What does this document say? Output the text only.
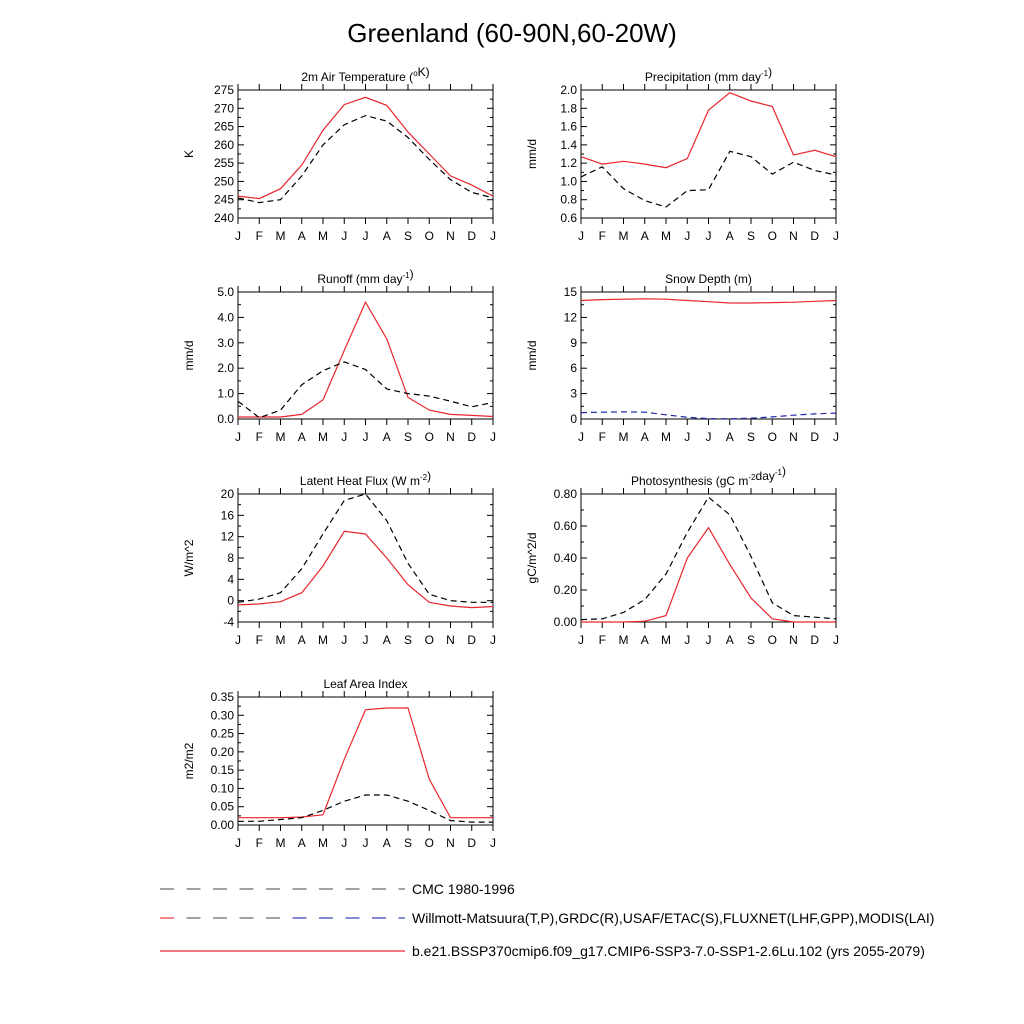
Greenland (60-90N,60-20W)
2m Air Temperature ($^o$K)
K
240
245
250
255
260
265
270
275
J F M A M J J A S O N D J
Precipitation (mm day$^{-1}$)
mm/d
0.6
0.8
1.0
1.2
1.4
1.6
1.8
2.0
J F M A M J J A S O N D J
Runoff (mm day$^{-1}$)
mm/d
0.0
1.0
2.0
3.0
4.0
5.0
J F M A M J J A S O N D J
Snow Depth (m)
mm/d
0
3
6
9
12
15
J F M A M J J A S O N D J
Latent Heat Flux (W $m^{-2}$)
W/m^2
-4
0
4
8
12
16
20
J F M A M J J A S O N D J
Photosynthesis (gC $m^{-2}day^{-1}$)
gC/m^2/d
0.00
0.20
0.40
0.60
0.80
J F M A M J J A S O N D J
Leaf Area Index
m2/m2
0.00
0.05
0.10
0.15
0.20
0.25
0.30
0.35
J F M A M J J A S O N D J
CMC 1980-1996
Willmott-Matsuura(T,P),GRDC(R),USAF/ETAC(S),FLUXNET(LHF,GPP),MODIS(LAI)
b.e21.BSSP370cmip6.f09_g17.CMIP6-SSP3-7.0-SSP1-2.6Lu.102 (yrs 2055-2079)
